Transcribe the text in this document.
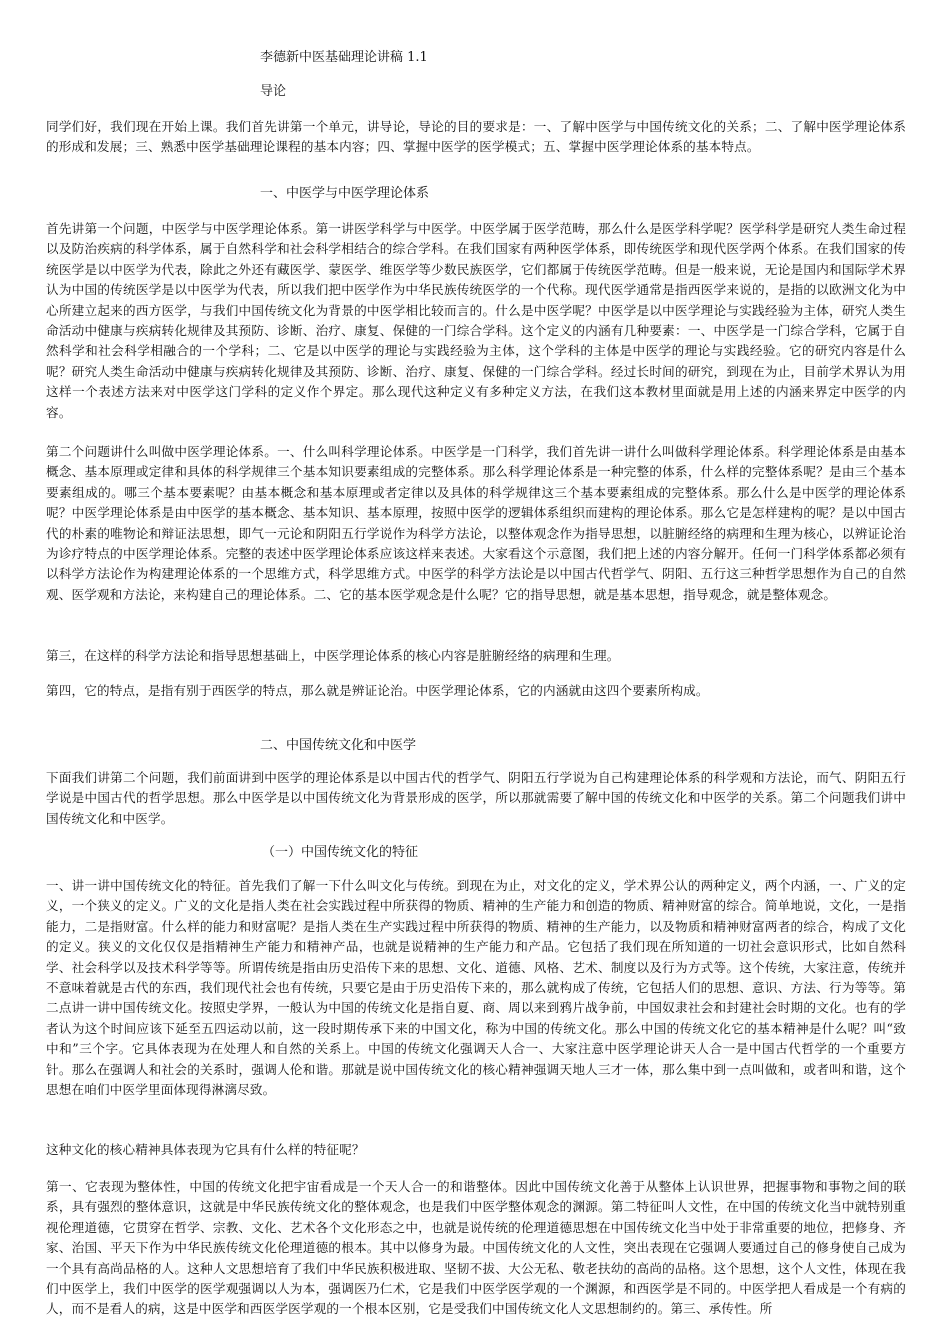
李德新中医基础理论讲稿 1.1
导论
同学们好，我们现在开始上课。我们首先讲第一个单元，讲导论，导论的目的要求是：一、了解中医学与中国传统文化的关系；二、了解中医学理论体系的形成和发展；三、熟悉中医学基础理论课程的基本内容；四、掌握中医学的医学模式；五、掌握中医学理论体系的基本特点。
一、中医学与中医学理论体系
首先讲第一个问题，中医学与中医学理论体系。第一讲医学科学与中医学。中医学属于医学范畴，那么什么是医学科学呢？医学科学是研究人类生命过程以及防治疾病的科学体系，属于自然科学和社会科学相结合的综合学科。在我们国家有两种医学体系，即传统医学和现代医学两个体系。在我们国家的传统医学是以中医学为代表，除此之外还有藏医学、蒙医学、维医学等少数民族医学，它们都属于传统医学范畴。但是一般来说，无论是国内和国际学术界认为中国的传统医学是以中医学为代表，所以我们把中医学作为中华民族传统医学的一个代称。现代医学通常是指西医学来说的，是指的以欧洲文化为中心所建立起来的西方医学，与我们中国传统文化为背景的中医学相比较而言的。什么是中医学呢？中医学是以中医学理论与实践经验为主体，研究人类生命活动中健康与疾病转化规律及其预防、诊断、治疗、康复、保健的一门综合学科。这个定义的内涵有几种要素：一、中医学是一门综合学科，它属于自然科学和社会科学相融合的一个学科；二、它是以中医学的理论与实践经验为主体，这个学科的主体是中医学的理论与实践经验。它的研究内容是什么呢？研究人类生命活动中健康与疾病转化规律及其预防、诊断、治疗、康复、保健的一门综合学科。经过长时间的研究，到现在为止，目前学术界认为用这样一个表述方法来对中医学这门学科的定义作个界定。那么现代这种定义有多种定义方法，在我们这本教材里面就是用上述的内涵来界定中医学的内容。
第二个问题讲什么叫做中医学理论体系。一、什么叫科学理论体系。中医学是一门科学，我们首先讲一讲什么叫做科学理论体系。科学理论体系是由基本概念、基本原理或定律和具体的科学规律三个基本知识要素组成的完整体系。那么科学理论体系是一种完整的体系，什么样的完整体系呢？是由三个基本要素组成的。哪三个基本要素呢？由基本概念和基本原理或者定律以及具体的科学规律这三个基本要素组成的完整体系。那么什么是中医学的理论体系呢？中医学理论体系是由中医学的基本概念、基本知识、基本原理，按照中医学的逻辑体系组织而建构的理论体系。那么它是怎样建构的呢？是以中国古代的朴素的唯物论和辩证法思想，即气一元论和阴阳五行学说作为科学方法论，以整体观念作为指导思想，以脏腑经络的病理和生理为核心，以辨证论治为诊疗特点的中医学理论体系。完整的表述中医学理论体系应该这样来表述。大家看这个示意图，我们把上述的内容分解开。任何一门科学体系都必须有以科学方法论作为构建理论体系的一个思维方式，科学思维方式。中医学的科学方法论是以中国古代哲学气、阴阳、五行这三种哲学思想作为自己的自然观、医学观和方法论，来构建自己的理论体系。二、它的基本医学观念是什么呢？它的指导思想，就是基本思想，指导观念，就是整体观念。
第三，在这样的科学方法论和指导思想基础上，中医学理论体系的核心内容是脏腑经络的病理和生理。
第四，它的特点，是指有别于西医学的特点，那么就是辨证论治。中医学理论体系，它的内涵就由这四个要素所构成。
二、中国传统文化和中医学
下面我们讲第二个问题，我们前面讲到中医学的理论体系是以中国古代的哲学气、阴阳五行学说为自己构建理论体系的科学观和方法论，而气、阴阳五行学说是中国古代的哲学思想。那么中医学是以中国传统文化为背景形成的医学，所以那就需要了解中国的传统文化和中医学的关系。第二个问题我们讲中国传统文化和中医学。
（一）中国传统文化的特征
一、讲一讲中国传统文化的特征。首先我们了解一下什么叫文化与传统。到现在为止，对文化的定义，学术界公认的两种定义，两个内涵，一、广义的定义，一个狭义的定义。广义的文化是指人类在社会实践过程中所获得的物质、精神的生产能力和创造的物质、精神财富的综合。简单地说，文化，一是指能力，二是指财富。什么样的能力和财富呢？是指人类在生产实践过程中所获得的物质、精神的生产能力，以及物质和精神财富两者的综合，构成了文化的定义。狭义的文化仅仅是指精神生产能力和精神产品，也就是说精神的生产能力和产品。它包括了我们现在所知道的一切社会意识形式，比如自然科学、社会科学以及技术科学等等。所谓传统是指由历史沿传下来的思想、文化、道德、风格、艺术、制度以及行为方式等。这个传统，大家注意，传统并不意味着就是古代的东西，我们现代社会也有传统，只要它是由于历史沿传下来的，那么就构成了传统，它包括人们的思想、意识、方法、行为等等。第二点讲一讲中国传统文化。按照史学界，一般认为中国的传统文化是指自夏、商、周以来到鸦片战争前，中国奴隶社会和封建社会时期的文化。也有的学者认为这个时间应该下延至五四运动以前，这一段时期传承下来的中国文化，称为中国的传统文化。那么中国的传统文化它的基本精神是什么呢？叫“致中和”三个字。它具体表现为在处理人和自然的关系上。中国的传统文化强调天人合一、大家注意中医学理论讲天人合一是中国古代哲学的一个重要方针。那么在强调人和社会的关系时，强调人伦和谐。那就是说中国传统文化的核心精神强调天地人三才一体，那么集中到一点叫做和，或者叫和谐，这个思想在咱们中医学里面体现得淋漓尽致。
这种文化的核心精神具体表现为它具有什么样的特征呢？
第一、它表现为整体性，中国的传统文化把宇宙看成是一个天人合一的和谐整体。因此中国传统文化善于从整体上认识世界，把握事物和事物之间的联系，具有强烈的整体意识，这就是中华民族传统文化的整体观念，也是我们中医学整体观念的渊源。第二特征叫人文性，在中国的传统文化当中就特别重视伦理道德，它贯穿在哲学、宗教、文化、艺术各个文化形态之中，也就是说传统的伦理道德思想在中国传统文化当中处于非常重要的地位，把修身、齐家、治国、平天下作为中华民族传统文化伦理道德的根本。其中以修身为最。中国传统文化的人文性，突出表现在它强调人要通过自己的修身使自己成为一个具有高尚品格的人。这种人文思想培育了我们中华民族积极进取、坚韧不拔、大公无私、敬老扶幼的高尚的品格。这个思想，这个人文性，体现在我们中医学上，我们中医学的医学观强调以人为本，强调医乃仁术，它是我们中医学医学观的一个渊源，和西医学是不同的。中医学把人看成是一个有病的人，而不是看人的病，这是中医学和西医学医学观的一个根本区别，它是受我们中国传统文化人文思想制约的。第三、承传性。所
